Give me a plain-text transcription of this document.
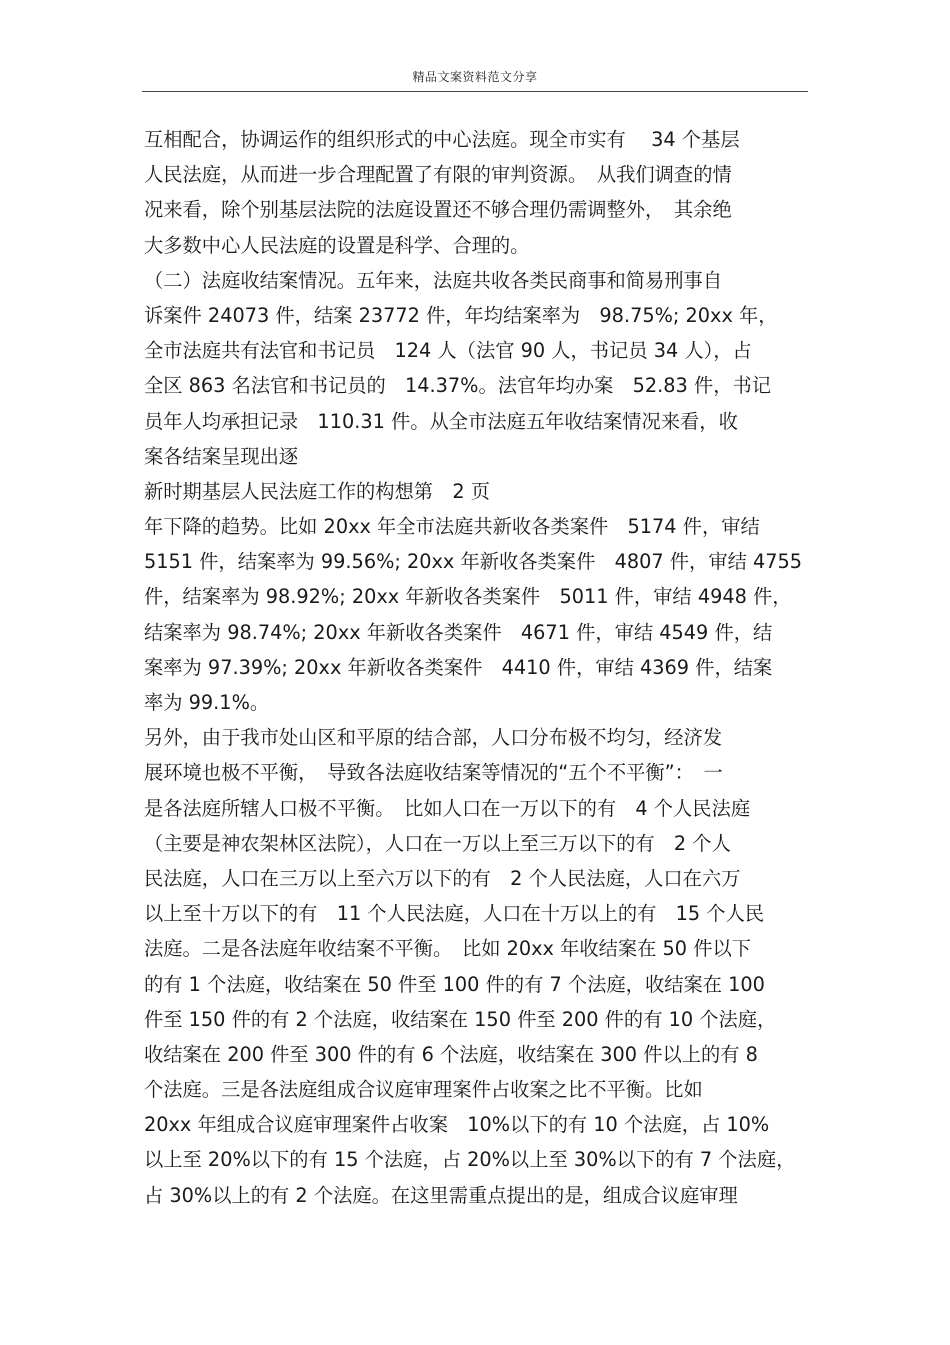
精品文案资料范文分享
互相配合，协调运作的组织形式的中心法庭。现全市实有　 34 个基层
人民法庭，从而进一步合理配置了有限的审判资源。　从我们调查的情
况来看，除个别基层法院的法庭设置还不够合理仍需调整外，　其余绝
大多数中心人民法庭的设置是科学、合理的。
（二）法庭收结案情况。五年来，法庭共收各类民商事和简易刑事自
诉案件 24073 件，结案 23772 件，年均结案率为　98.75%; 20xx 年，
全市法庭共有法官和书记员　124 人（法官 90 人，书记员 34 人），占
全区 863 名法官和书记员的　14.37%。法官年均办案　52.83 件，书记
员年人均承担记录　110.31 件。从全市法庭五年收结案情况来看，收
案各结案呈现出逐
新时期基层人民法庭工作的构想第　2 页
年下降的趋势。比如 20xx 年全市法庭共新收各类案件　5174 件，审结
5151 件，结案率为 99.56%; 20xx 年新收各类案件　4807 件，审结 4755
件，结案率为 98.92%; 20xx 年新收各类案件　5011 件，审结 4948 件，
结案率为 98.74%; 20xx 年新收各类案件　4671 件，审结 4549 件，结
案率为 97.39%; 20xx 年新收各类案件　4410 件，审结 4369 件，结案
率为 99.1%。
另外，由于我市处山区和平原的结合部，人口分布极不均匀，经济发
展环境也极不平衡，　导致各法庭收结案等情况的“五个不平衡”：　一
是各法庭所辖人口极不平衡。　比如人口在一万以下的有　4 个人民法庭
（主要是神农架林区法院），人口在一万以上至三万以下的有　2 个人
民法庭，人口在三万以上至六万以下的有　2 个人民法庭，人口在六万
以上至十万以下的有　11 个人民法庭，人口在十万以上的有　15 个人民
法庭。二是各法庭年收结案不平衡。　比如 20xx 年收结案在 50 件以下
的有 1 个法庭，收结案在 50 件至 100 件的有 7 个法庭，收结案在 100
件至 150 件的有 2 个法庭，收结案在 150 件至 200 件的有 10 个法庭，
收结案在 200 件至 300 件的有 6 个法庭，收结案在 300 件以上的有 8
个法庭。三是各法庭组成合议庭审理案件占收案之比不平衡。比如
20xx 年组成合议庭审理案件占收案　10%以下的有 10 个法庭，占 10%
以上至 20%以下的有 15 个法庭，占 20%以上至 30%以下的有 7 个法庭，
占 30%以上的有 2 个法庭。在这里需重点提出的是，组成合议庭审理
